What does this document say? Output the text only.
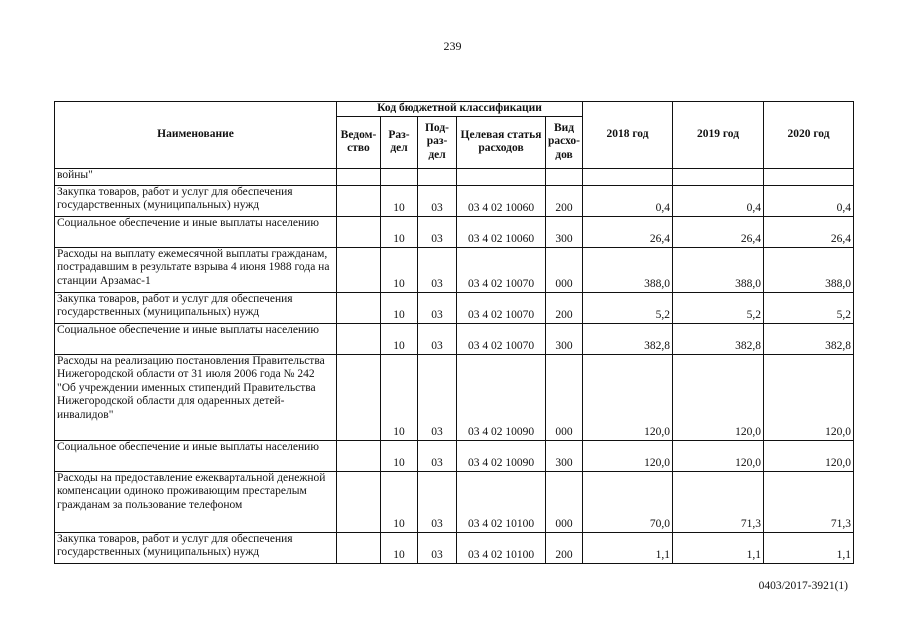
239
Наименование	Код бюджетной классификации					2018 год	2019 год	2020 год
	Ведом-ство	Раз-дел	Под-раз-дел	Целевая статья расходов	Вид расхо-дов			
войны"								
Закупка товаров, работ и услуг для обеспечения государственных (муниципальных) нужд		10	03	03 4 02 10060	200	0,4	0,4	0,4
Социальное обеспечение и иные выплаты населению		10	03	03 4 02 10060	300	26,4	26,4	26,4
Расходы на выплату ежемесячной выплаты гражданам, пострадавшим в результате взрыва 4 июня 1988 года на станции Арзамас-1		10	03	03 4 02 10070	000	388,0	388,0	388,0
Закупка товаров, работ и услуг для обеспечения государственных (муниципальных) нужд		10	03	03 4 02 10070	200	5,2	5,2	5,2
Социальное обеспечение и иные выплаты населению		10	03	03 4 02 10070	300	382,8	382,8	382,8
Расходы на реализацию постановления Правительства Нижегородской области от 31 июля 2006 года № 242 "Об учреждении именных стипендий Правительства Нижегородской области для одаренных детей-инвалидов"		10	03	03 4 02 10090	000	120,0	120,0	120,0
Социальное обеспечение и иные выплаты населению		10	03	03 4 02 10090	300	120,0	120,0	120,0
Расходы на предоставление ежеквартальной денежной компенсации одиноко проживающим престарелым гражданам за пользование телефоном		10	03	03 4 02 10100	000	70,0	71,3	71,3
Закупка товаров, работ и услуг для обеспечения государственных (муниципальных) нужд		10	03	03 4 02 10100	200	1,1	1,1	1,1
0403/2017-3921(1)
